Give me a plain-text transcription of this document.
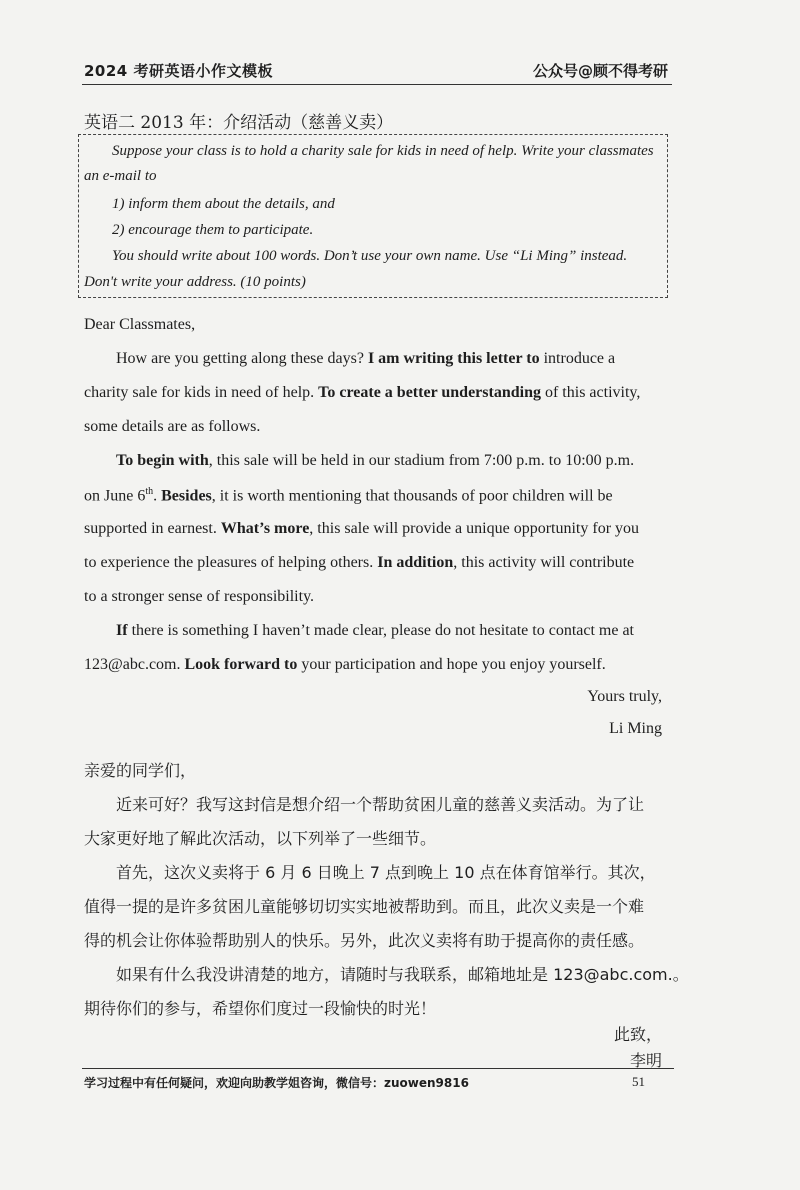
2024 考研英语小作文模板	公众号@顾不得考研
英语二 2013 年：介绍活动（慈善义卖）
Suppose your class is to hold a charity sale for kids in need of help. Write your classmates
an e-mail to
1) inform them about the details, and
2) encourage them to participate.
You should write about 100 words. Don’t use your own name. Use “Li Ming” instead.
Don't write your address. (10 points)
Dear Classmates,
How are you getting along these days? I am writing this letter to introduce a
charity sale for kids in need of help. To create a better understanding of this activity,
some details are as follows.
To begin with, this sale will be held in our stadium from 7:00 p.m. to 10:00 p.m.
on June 6th. Besides, it is worth mentioning that thousands of poor children will be
supported in earnest. What’s more, this sale will provide a unique opportunity for you
to experience the pleasures of helping others. In addition, this activity will contribute
to a stronger sense of responsibility.
If there is something I haven’t made clear, please do not hesitate to contact me at
123@abc.com. Look forward to your participation and hope you enjoy yourself.
Yours truly,
Li Ming
亲爱的同学们，
近来可好？我写这封信是想介绍一个帮助贫困儿童的慈善义卖活动。为了让
大家更好地了解此次活动，以下列举了一些细节。
首先，这次义卖将于 6 月 6 日晚上 7 点到晚上 10 点在体育馆举行。其次，
值得一提的是许多贫困儿童能够切切实实地被帮助到。而且，此次义卖是一个难
得的机会让你体验帮助别人的快乐。另外，此次义卖将有助于提高你的责任感。
如果有什么我没讲清楚的地方，请随时与我联系，邮箱地址是 123@abc.com.。
期待你们的参与，希望你们度过一段愉快的时光！
此致，
李明
学习过程中有任何疑问，欢迎向助教学姐咨询，微信号：zuowen9816	51
